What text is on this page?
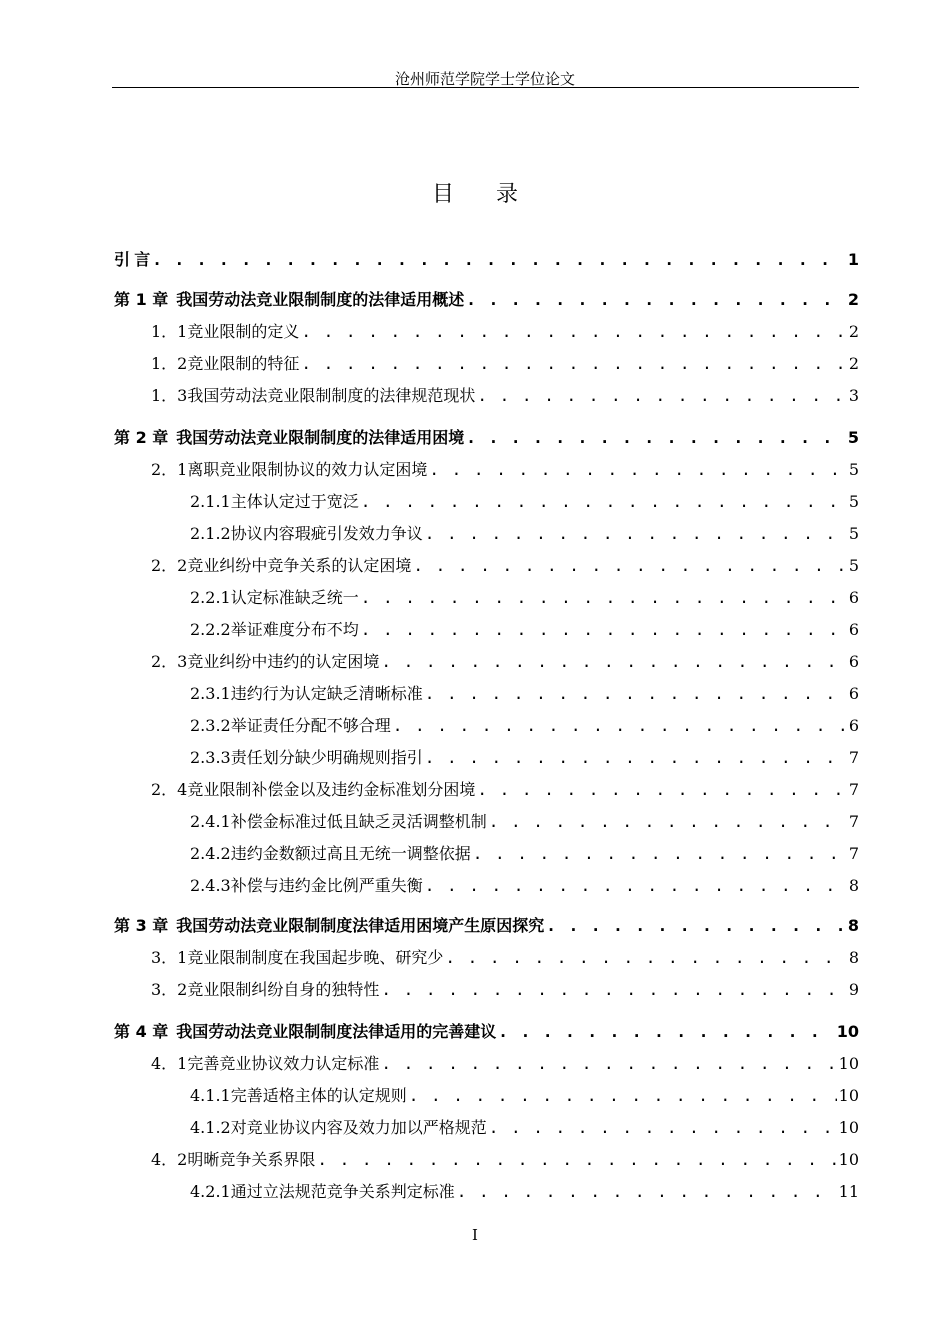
沧州师范学院学士学位论文
目录
引 言 . . .	1
第 1 章 我国劳动法竞业限制制度的法律适用概述 . . .	2
1．1 竞业限制的定义 . . .	2
1．2 竞业限制的特征 . . .	2
1．3 我国劳动法竞业限制制度的法律规范现状 . . .	3
第 2 章 我国劳动法竞业限制制度的法律适用困境 . . .	5
2．1 离职竞业限制协议的效力认定困境 . . .	5
2.1.1 主体认定过于宽泛 . . .	5
2.1.2 协议内容瑕疵引发效力争议 . . .	5
2．2 竞业纠纷中竞争关系的认定困境 . . .	5
2.2.1 认定标准缺乏统一 . . .	6
2.2.2 举证难度分布不均 . . .	6
2．3 竞业纠纷中违约的认定困境 . . .	6
2.3.1 违约行为认定缺乏清晰标准 . . .	6
2.3.2 举证责任分配不够合理 . . .	6
2.3.3 责任划分缺少明确规则指引 . . .	7
2．4 竞业限制补偿金以及违约金标准划分困境 . . .	7
2.4.1 补偿金标准过低且缺乏灵活调整机制 . . .	7
2.4.2 违约金数额过高且无统一调整依据 . . .	7
2.4.3 补偿与违约金比例严重失衡 . . .	8
第 3 章 我国劳动法竞业限制制度法律适用困境产生原因探究 . . .	8
3．1 竞业限制制度在我国起步晚、研究少 . . .	8
3．2 竞业限制纠纷自身的独特性 . . .	9
第 4 章 我国劳动法竞业限制制度法律适用的完善建议 . . .	10
4．1 完善竞业协议效力认定标准 . . .	10
4.1.1 完善适格主体的认定规则 . . .	10
4.1.2 对竞业协议内容及效力加以严格规范 . . .	10
4．2 明晰竞争关系界限 . . .	10
4.2.1 通过立法规范竞争关系判定标准 . . .	11
I
